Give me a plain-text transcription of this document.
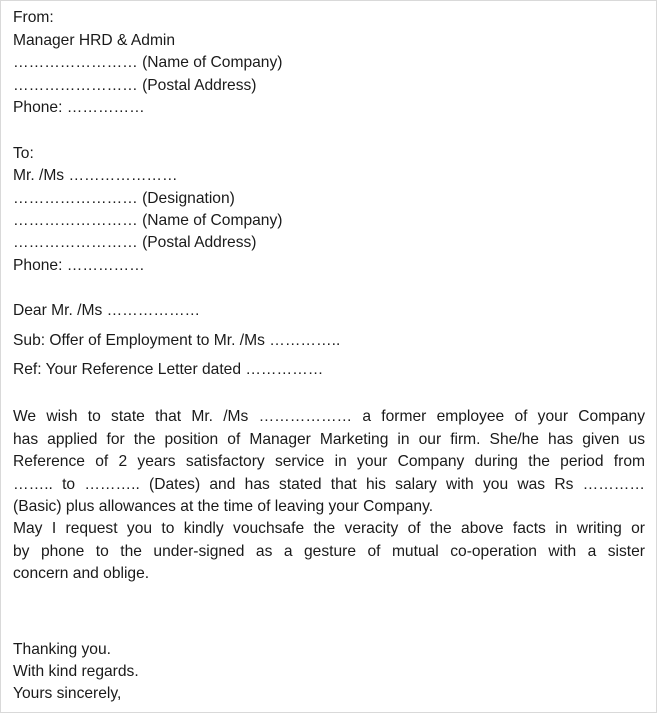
From:
Manager HRD & Admin
…………………… (Name of Company)
…………………… (Postal Address)
Phone: ……………
To:
Mr. /Ms …………………
…………………… (Designation)
…………………… (Name of Company)
…………………… (Postal Address)
Phone: ……………
Dear Mr. /Ms ………………
Sub: Offer of Employment to Mr. /Ms …………..
Ref: Your Reference Letter dated ……………
We wish to state that Mr. /Ms ……………… a former employee of your Company
has applied for the position of Manager Marketing in our firm. She/he has given us
Reference of 2 years satisfactory service in your Company during the period from
…….. to ……….. (Dates) and has stated that his salary with you was Rs …………
(Basic) plus allowances at the time of leaving your Company.
May I request you to kindly vouchsafe the veracity of the above facts in writing or
by phone to the under-signed as a gesture of mutual co-operation with a sister
concern and oblige.
Thanking you.
With kind regards.
Yours sincerely,
